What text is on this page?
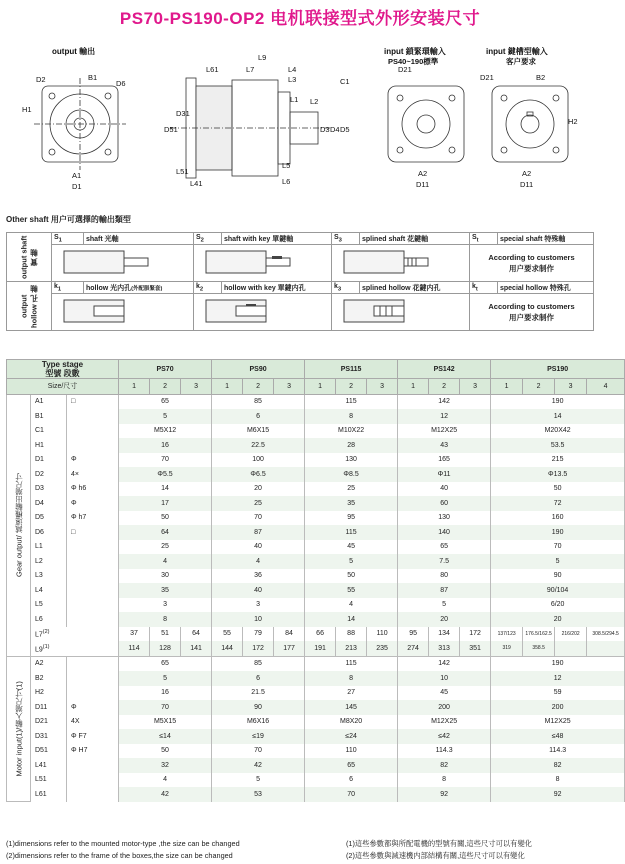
PS70-PS190-OP2 电机联接型式外形安装尺寸
output 輸出
D2	B1
D6
H1
A1
D1
L9
L61	L7	L4
L3	C1
L1 L2
D31
D51	D3 D4 D5
L51
L41
L5
L6
input 鎖緊環輸入
PS40~190標準
D21
A2
D11
input 鍵槽型輸入
客户要求
D21	B2
H2
A2
D11
Other shaft 用户可選擇的輸出類型
output shaft 實 軸	$S_1$	shaft 光軸	$S_2$	shaft with key 單鍵軸	$S_3$	splined shaft 花鍵軸	$S_t$	special shaft 特殊軸
			According to customers
用户要求制作	
output hollow 孔 軸	$k_1$	hollow 光内孔(外配脹緊套)	$k_2$	hollow with key 單鍵内孔	$k_3$	splined hollow 花鍵内孔	$k_t$	special hollow 特殊孔
			According to customers
用户要求制作	
Type stage
型號 段數			PS70			PS90			PS115			PS142			PS190			
Size/尺寸			1	2	3	1	2	3	1	2	3	1	2	3	1	2	3	4
Gear output/ 減速機輸出端尺寸	A1	□	65			85			115			142			190			
	B1		5			6			8			12			14			
	C1		M5X12			M6X15			M10X22			M12X25			M20X42			
	H1		16			22.5			28			43			53.5			
	D1	Φ	70			100			130			165			215			
	D2	4×	Φ5.5			Φ6.5			Φ8.5			Φ11			Φ13.5			
	D3	Φ h6	14			20			25			40			50			
	D4	Φ	17			25			35			60			72			
	D5	Φ h7	50			70			95			130			160			
	D6	□	64			87			115			140			190			
	L1		25			40			45			65			70			
	L2		4			4			5			7.5			5			
	L3		30			36			50			80			90			
	L4		35			40			55			87			90/104			
	L5		3			3			4			5			6/20			
	L6		8			10			14			20			20			
	L7$^{(2)}$		37	51	64	55	79	84	66	88	110	95	134	172	137/123	176.5/162.5	216/202	308.5/294.5
	L9$^{(1)}$		114	128	141	144	172	177	191	213	235	274	313	351	319	358.5		
Motor input(1)/輸入端尺寸(1)	A2		65			85			115			142			190			
	B2		5			6			8			10			12			
	H2		16			21.5			27			45			59			
	D11	Φ	70			90			145			200			200			
	D21	4X	M5X15			M6X16			M8X20			M12X25			M12X25			
	D31	Φ F7	≤14			≤19			≤24			≤42			≤48			
	D51	Φ H7	50			70			110			114.3			114.3			
	L41		32			42			65			82			82			
	L51		4			5			6			8			8			
	L61		42			53			70			92			92			
(1)dimensions refer to the mounted motor-type ,the size can be changed
(2)dimensions refer to the frame of the boxes,the size can be changed
(1)這些參數都與所配電機的型號有關,這些尺寸可以有變化
(2)這些參數與減速機内部結構有關,這些尺寸可以有變化
